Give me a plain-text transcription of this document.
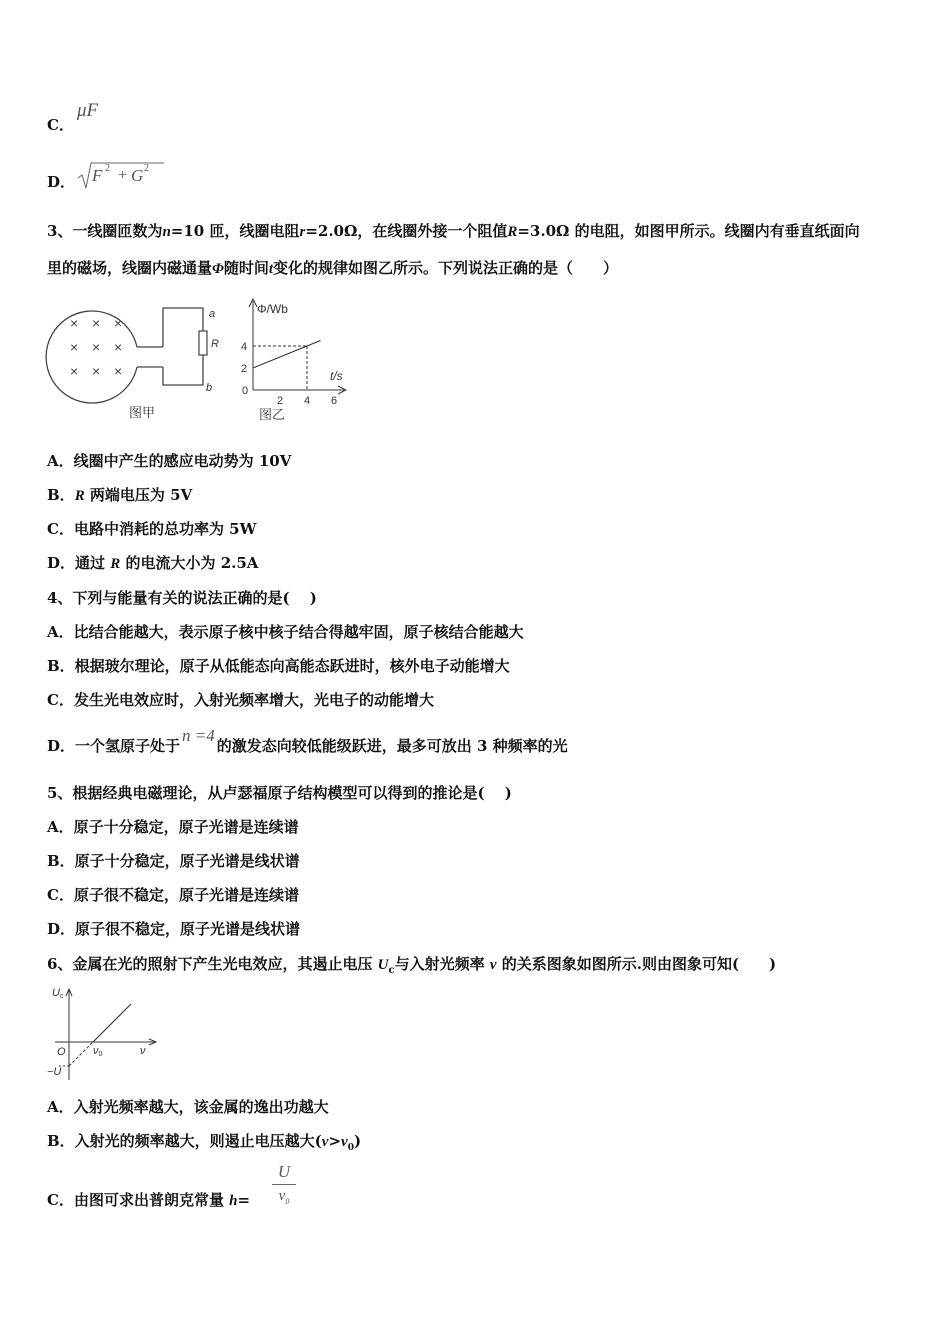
C．
μF
D． F 2 + G 2
3、一线圈匝数为n=10 匝，线圈电阻r=2.0Ω，在线圈外接一个阻值R=3.0Ω 的电阻，如图甲所示。线圈内有垂直纸面向
里的磁场，线圈内磁通量Φ随时间t变化的规律如图乙所示。下列说法正确的是（　　）
R
a
b
× × ×
× × ×
× × ×
图甲
Φ/Wb
t/s
0
4
2
2 4 6
图乙
A．线圈中产生的感应电动势为 10V
B．R 两端电压为 5V
C．电路中消耗的总功率为 5W
D．通过 R 的电流大小为 2.5A
4、下列与能量有关的说法正确的是(　 )
A．比结合能越大，表示原子核中核子结合得越牢固，原子核结合能越大
B．根据玻尔理论，原子从低能态向高能态跃进时，核外电子动能增大
C．发生光电效应时，入射光频率增大，光电子的动能增大
D．一个氢原子处于n =4的激发态向较低能级跃进，最多可放出 3 种频率的光
5、根据经典电磁理论，从卢瑟福原子结构模型可以得到的推论是(　 )
A．原子十分稳定，原子光谱是连续谱
B．原子十分稳定，原子光谱是线状谱
C．原子很不稳定，原子光谱是连续谱
D．原子很不稳定，原子光谱是线状谱
6、金属在光的照射下产生光电效应，其遏止电压 $U_c$与入射光频率 ν 的关系图象如图所示.则由图象可知(　　)
Uc
ν
O ν0
−U
A．入射光频率越大，该金属的逸出功越大
B．入射光的频率越大，则遏止电压越大$(\nu>\nu_0)$
C．由图可求出普朗克常量 h=
U
$\nu_0$
